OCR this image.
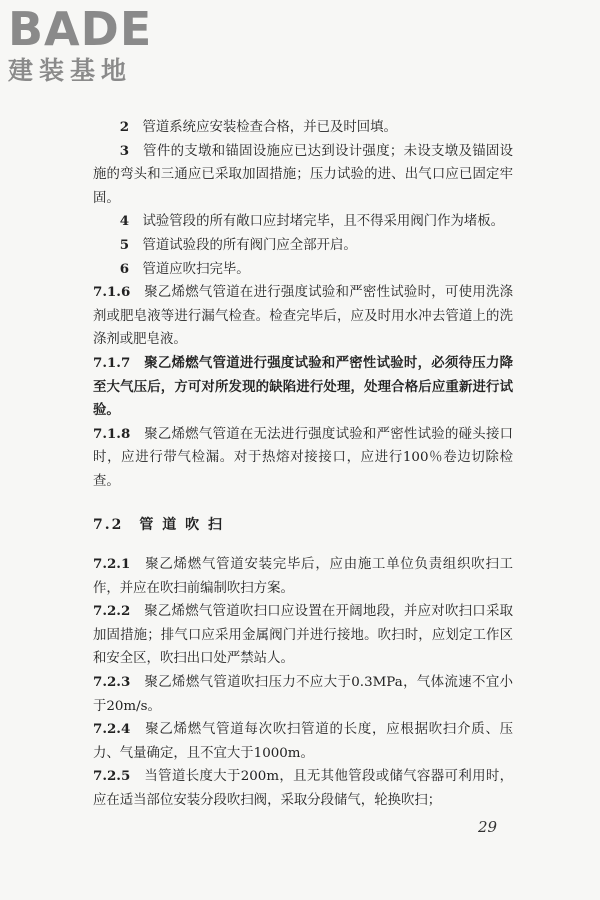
BADE
建装基地

2　 管道系统应安装检查合格，并已及时回填。

3　 管件的支墩和锚固设施应已达到设计强度；未设支墩及锚固设施的弯头和三通应已采取加固措施；压力试验的进、出气口应已固定牢固。

4　 试验管段的所有敞口应封堵完毕，且不得采用阀门作为堵板。

5　 管道试验段的所有阀门应全部开启。

6　 管道应吹扫完毕。

7.1.6　 聚乙烯燃气管道在进行强度试验和严密性试验时，可使用洗涤剂或肥皂液等进行漏气检查。检查完毕后，应及时用水冲去管道上的洗涤剂或肥皂液。

7.1.7　 聚乙烯燃气管道进行强度试验和严密性试验时，必须待压力降至大气压后，方可对所发现的缺陷进行处理，处理合格后应重新进行试验。

7.1.8　 聚乙烯燃气管道在无法进行强度试验和严密性试验的碰头接口时，应进行带气检漏。对于热熔对接接口，应进行100％卷边切除检查。

7.2　管 道 吹 扫

7.2.1　 聚乙烯燃气管道安装完毕后，应由施工单位负责组织吹扫工作，并应在吹扫前编制吹扫方案。

7.2.2　 聚乙烯燃气管道吹扫口应设置在开阔地段，并应对吹扫口采取加固措施；排气口应采用金属阀门并进行接地。吹扫时，应划定工作区和安全区，吹扫出口处严禁站人。

7.2.3　 聚乙烯燃气管道吹扫压力不应大于0.3MPa，气体流速不宜小于20m/s。

7.2.4　 聚乙烯燃气管道每次吹扫管道的长度，应根据吹扫介质、压力、气量确定，且不宜大于1000m。

7.2.5　 当管道长度大于200m，且无其他管段或储气容器可利用时，应在适当部位安装分段吹扫阀，采取分段储气，轮换吹扫；

29
